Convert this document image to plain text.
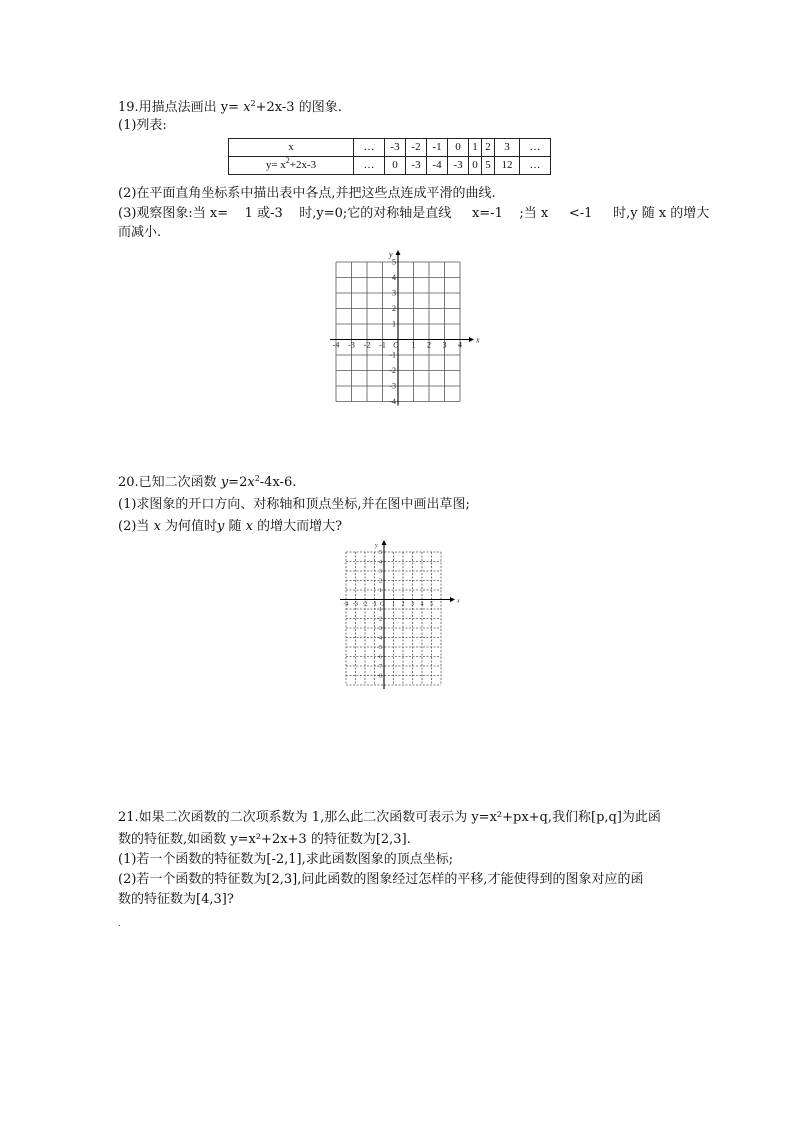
19.用描点法画出 $y= x^2+2x-3$ 的图象.
(1)列表:
x	…	-3	-2	-1	0	1	2	3	…
$y= x^2+2x-3$	…	0	-3	-4	-3	0	5	12	…
(2)在平面直角坐标系中描出表中各点,并把这些点连成平滑的曲线.
(3)观察图象:当 x=    1 或-3    时,y=0;它的对称轴是直线     x=-1    ;当 x     <-1     时,y 随 x 的增大
而减小.
x
y
O
-4 -3 -2 -1	1 2 3 4
5
4
3
2
1
-1
-2
-3
-4
20.已知二次函数 $y=2x^2-4x-6$.
(1)求图象的开口方向、对称轴和顶点坐标,并在图中画出草图;
(2)当 x 为何值时y 随 x 的增大而增大?
x
y
O
-4 -3 -2 -1	1 2 3 4 5
5
4
3
2
1
-1
-2
-3
-4
-5
-6
-7
-8
21.如果二次函数的二次项系数为 1,那么此二次函数可表示为 y=x²+px+q,我们称[p,q]为此函
数的特征数,如函数 y=x²+2x+3 的特征数为[2,3].
(1)若一个函数的特征数为[-2,1],求此函数图象的顶点坐标;
(2)若一个函数的特征数为[2,3],问此函数的图象经过怎样的平移,才能使得到的图象对应的函
数的特征数为[4,3]?
.
